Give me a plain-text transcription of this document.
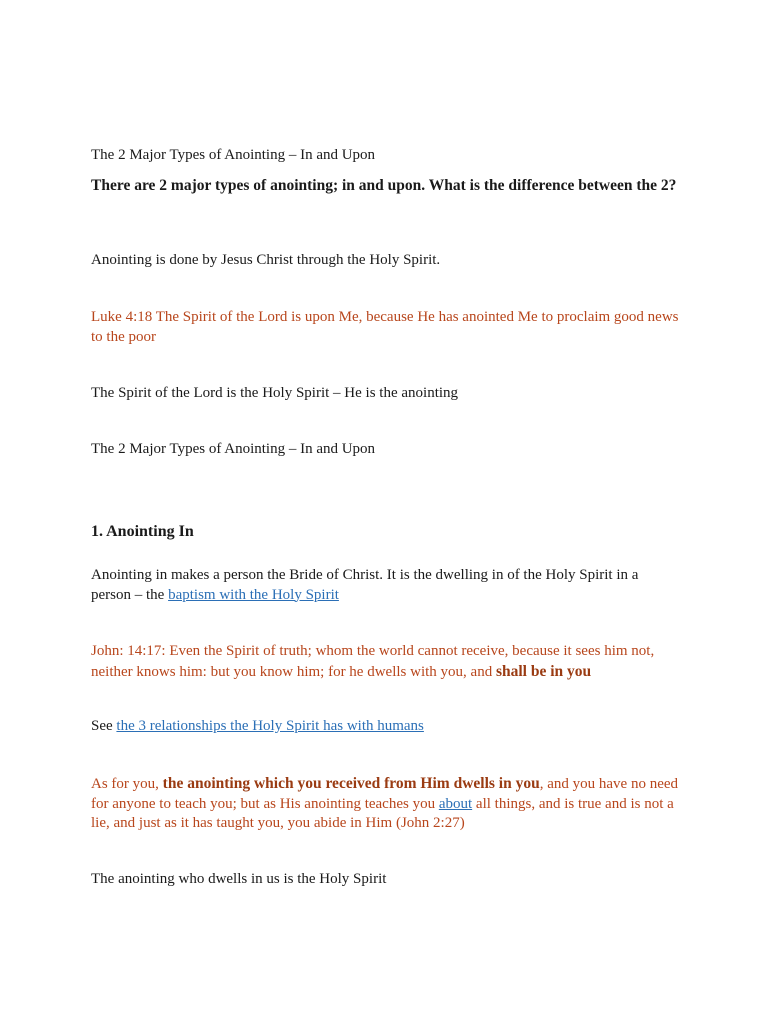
The 2 Major Types of Anointing – In and Upon

There are 2 major types of anointing; in and upon. What is the difference between the 2?

Anointing is done by Jesus Christ through the Holy Spirit.

Luke 4:18 The Spirit of the Lord is upon Me, because He has anointed Me to proclaim good news to the poor

The Spirit of the Lord is the Holy Spirit – He is the anointing

The 2 Major Types of Anointing – In and Upon

1. Anointing In

Anointing in makes a person the Bride of Christ. It is the dwelling in of the Holy Spirit in a person – the baptism with the Holy Spirit

John: 14:17: Even the Spirit of truth; whom the world cannot receive, because it sees him not, neither knows him: but you know him; for he dwells with you, and shall be in you

See the 3 relationships the Holy Spirit has with humans

As for you, the anointing which you received from Him dwells in you, and you have no need for anyone to teach you; but as His anointing teaches you about all things, and is true and is not a lie, and just as it has taught you, you abide in Him (John 2:27)

The anointing who dwells in us is the Holy Spirit
